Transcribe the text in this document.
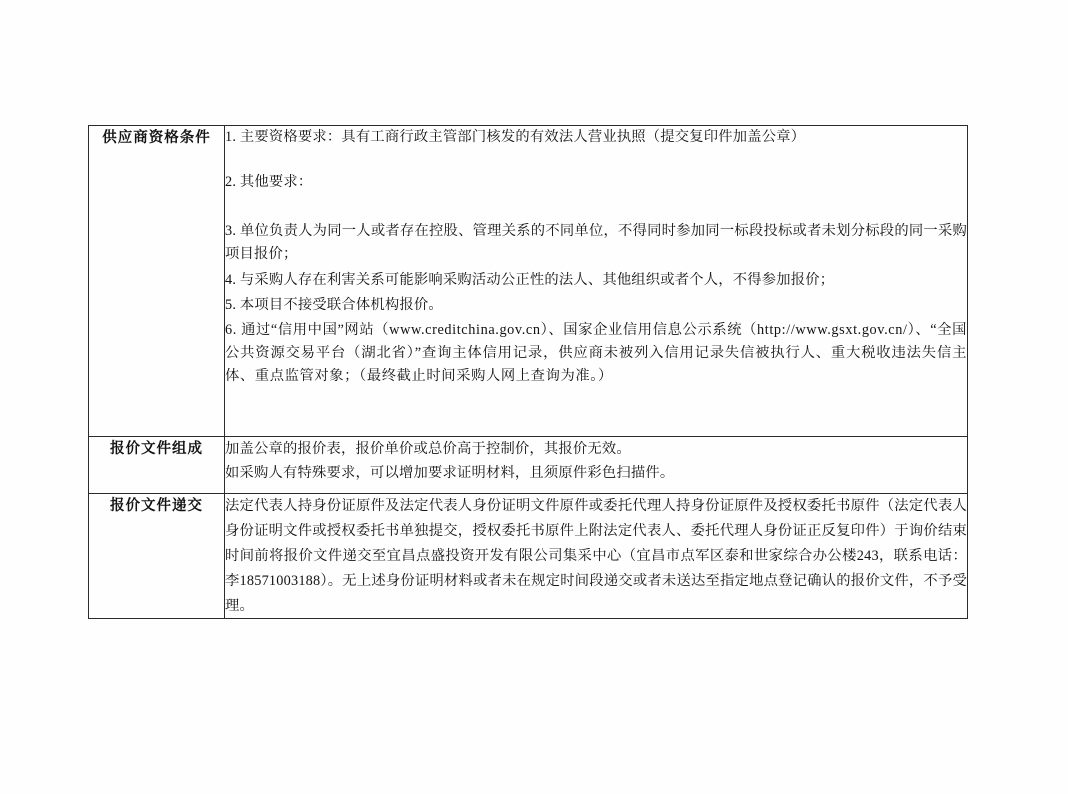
供应商资格条件	1. 主要资格要求：具有工商行政主管部门核发的有效法人营业执照（提交复印件加盖公章）

2. 其他要求：

3. 单位负责人为同一人或者存在控股、管理关系的不同单位，不得同时参加同一标段投标或者未划分标段的同一采购项目报价；

4. 与采购人存在利害关系可能影响采购活动公正性的法人、其他组织或者个人，不得参加报价；

5. 本项目不接受联合体机构报价。

6. 通过“信用中国”网站（www.creditchina.gov.cn）、国家企业信用信息公示系统（http://www.gsxt.gov.cn/）、“全国公共资源交易平台（湖北省）”查询主体信用记录，供应商未被列入信用记录失信被执行人、重大税收违法失信主体、重点监管对象；（最终截止时间采购人网上查询为准。）

报价文件组成	加盖公章的报价表，报价单价或总价高于控制价，其报价无效。

如采购人有特殊要求，可以增加要求证明材料，且须原件彩色扫描件。

报价文件递交	法定代表人持身份证原件及法定代表人身份证明文件原件或委托代理人持身份证原件及授权委托书原件（法定代表人身份证明文件或授权委托书单独提交，授权委托书原件上附法定代表人、委托代理人身份证正反复印件）于询价结束时间前将报价文件递交至宜昌点盛投资开发有限公司集采中心（宜昌市点军区泰和世家综合办公楼243，联系电话：李18571003188）。无上述身份证明材料或者未在规定时间段递交或者未送达至指定地点登记确认的报价文件，不予受理。
